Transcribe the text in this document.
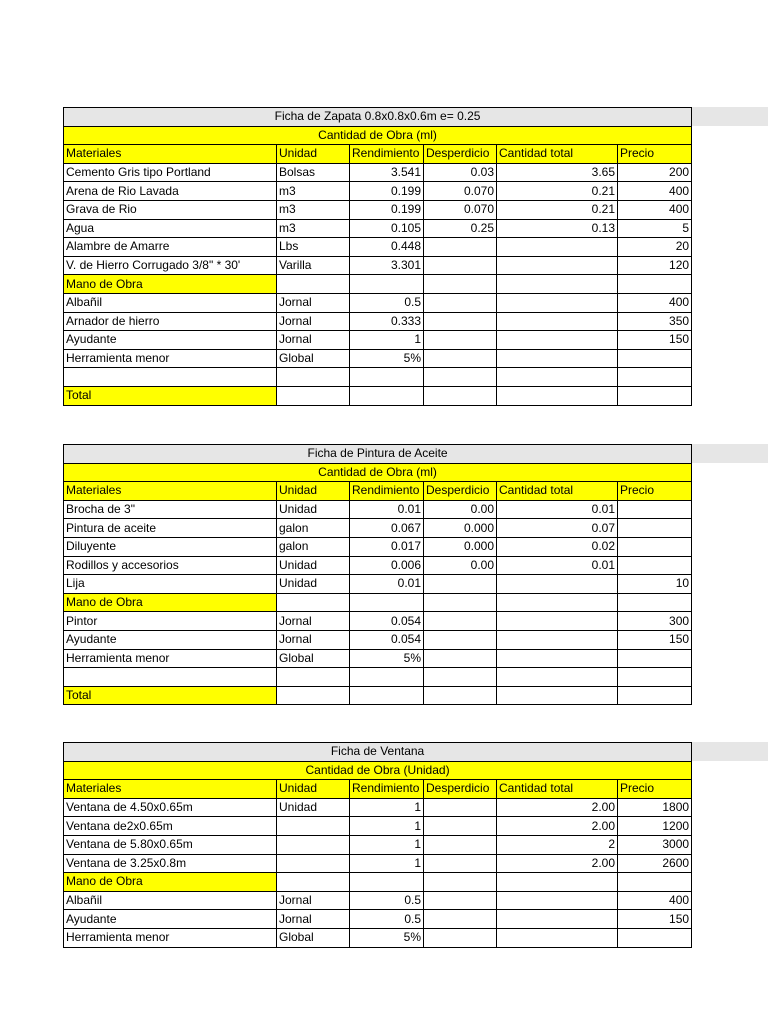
Ficha de Zapata 0.8x0.8x0.6m e= 0.25					
Cantidad de Obra (ml)					
Materiales	Unidad	Rendimiento	Desperdicio	Cantidad total	Precio
Cemento Gris tipo Portland	Bolsas	3.541	0.03	3.65	200
Arena de Rio Lavada	m3	0.199	0.070	0.21	400
Grava de Rio	m3	0.199	0.070	0.21	400
Agua	m3	0.105	0.25	0.13	5
Alambre de Amarre	Lbs	0.448			20
V. de Hierro Corrugado 3/8" * 30'	Varilla	3.301			120
Mano de Obra					
Albañil	Jornal	0.5			400
Arnador de hierro	Jornal	0.333			350
Ayudante	Jornal	1			150
Herramienta menor	Global	5%			

Total					
Ficha de Pintura de Aceite					
Cantidad de Obra (ml)					
Materiales	Unidad	Rendimiento	Desperdicio	Cantidad total	Precio
Brocha de 3"	Unidad	0.01	0.00	0.01	
Pintura de aceite	galon	0.067	0.000	0.07	
Diluyente	galon	0.017	0.000	0.02	
Rodillos y accesorios	Unidad	0.006	0.00	0.01	
Lija	Unidad	0.01			10
Mano de Obra					
Pintor	Jornal	0.054			300
Ayudante	Jornal	0.054			150
Herramienta menor	Global	5%			

Total					
Ficha de Ventana					
Cantidad de Obra (Unidad)					
Materiales	Unidad	Rendimiento	Desperdicio	Cantidad total	Precio
Ventana de 4.50x0.65m	Unidad	1		2.00	1800
Ventana de2x0.65m		1		2.00	1200
Ventana de 5.80x0.65m		1		2	3000
Ventana de 3.25x0.8m		1		2.00	2600
Mano de Obra					
Albañil	Jornal	0.5			400
Ayudante	Jornal	0.5			150
Herramienta menor	Global	5%			
